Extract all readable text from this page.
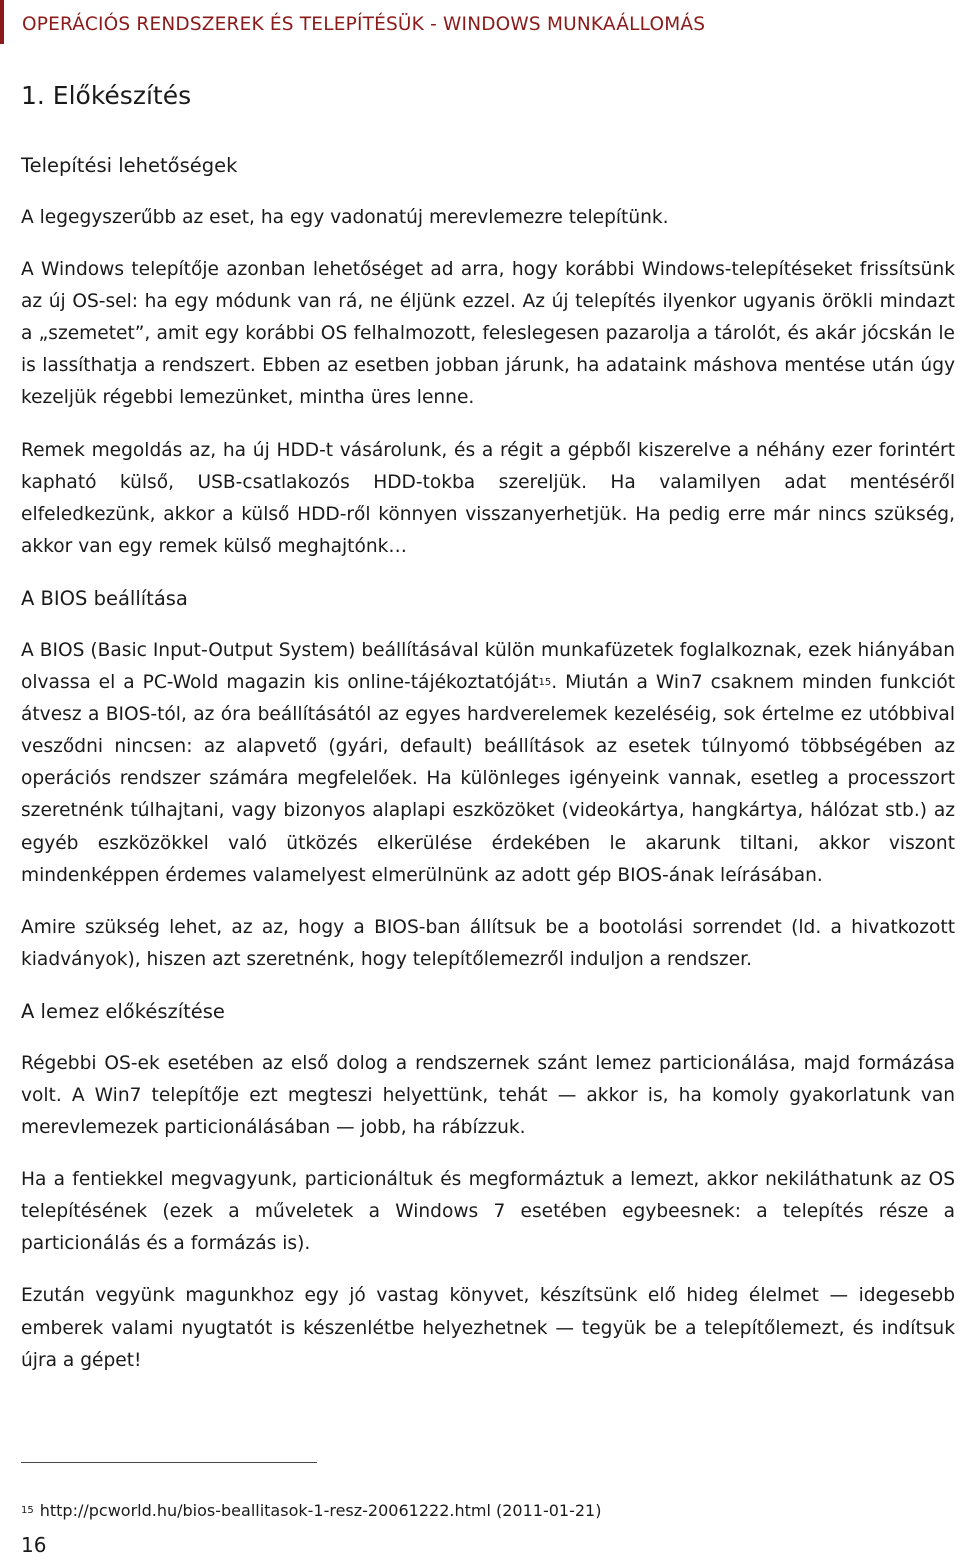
OPERÁCIÓS RENDSZEREK ÉS TELEPÍTÉSÜK - WINDOWS MUNKAÁLLOMÁS
1. Előkészítés
Telepítési lehetőségek

A legegyszerűbb az eset, ha egy vadonatúj merevlemezre telepítünk.

A Windows telepítője azonban lehetőséget ad arra, hogy korábbi Windows-telepítéseket frissítsünk az új OS-sel: ha egy módunk van rá, ne éljünk ezzel. Az új telepítés ilyenkor ugyanis örökli mindazt a „szemetet”, amit egy korábbi OS felhalmozott, feleslegesen pazarolja a tárolót, és akár jócskán le is lassíthatja a rendszert. Ebben az esetben jobban járunk, ha adataink máshova mentése után úgy kezeljük régebbi lemezünket, mintha üres lenne.

Remek megoldás az, ha új HDD-t vásárolunk, és a régit a gépből kiszerelve a néhány ezer forintért kapható külső, USB-csatlakozós HDD-tokba szereljük. Ha valamilyen adat mentéséről elfeledkezünk, akkor a külső HDD-ről könnyen visszanyerhetjük. Ha pedig erre már nincs szükség, akkor van egy remek külső meghajtónk…

A BIOS beállítása

A BIOS (Basic Input-Output System) beállításával külön munkafüzetek foglalkoznak, ezek hiányában olvassa el a PC-Wold magazin kis online-tájékoztatóját$^{15}$. Miután a Win7 csaknem minden funkciót átvesz a BIOS-tól, az óra beállításától az egyes hardverelemek kezeléséig, sok értelme ez utóbbival vesződni nincsen: az alapvető (gyári, default) beállítások az esetek túlnyomó többségében az operációs rendszer számára megfelelőek. Ha különleges igényeink vannak, esetleg a processzort szeretnénk túlhajtani, vagy bizonyos alaplapi eszközöket (videokártya, hangkártya, hálózat stb.) az egyéb eszközökkel való ütközés elkerülése érdekében le akarunk tiltani, akkor viszont mindenképpen érdemes valamelyest elmerülnünk az adott gép BIOS-ának leírásában.

Amire szükség lehet, az az, hogy a BIOS-ban állítsuk be a bootolási sorrendet (ld. a hivatkozott kiadványok), hiszen azt szeretnénk, hogy telepítőlemezről induljon a rendszer.

A lemez előkészítése

Régebbi OS-ek esetében az első dolog a rendszernek szánt lemez particionálása, majd formázása volt. A Win7 telepítője ezt megteszi helyettünk, tehát — akkor is, ha komoly gyakorlatunk van merevlemezek particionálásában — jobb, ha rábízzuk.

Ha a fentiekkel megvagyunk, particionáltuk és megformáztuk a lemezt, akkor nekiláthatunk az OS telepítésének (ezek a műveletek a Windows 7 esetében egybeesnek: a telepítés része a particionálás és a formázás is).

Ezután vegyünk magunkhoz egy jó vastag könyvet, készítsünk elő hideg élelmet — idegesebb emberek valami nyugtatót is készenlétbe helyezhetnek — tegyük be a telepítőlemezt, és indítsuk újra a gépet!

$^{15}$ http://pcworld.hu/bios-beallitasok-1-resz-20061222.html (2011-01-21)
16
